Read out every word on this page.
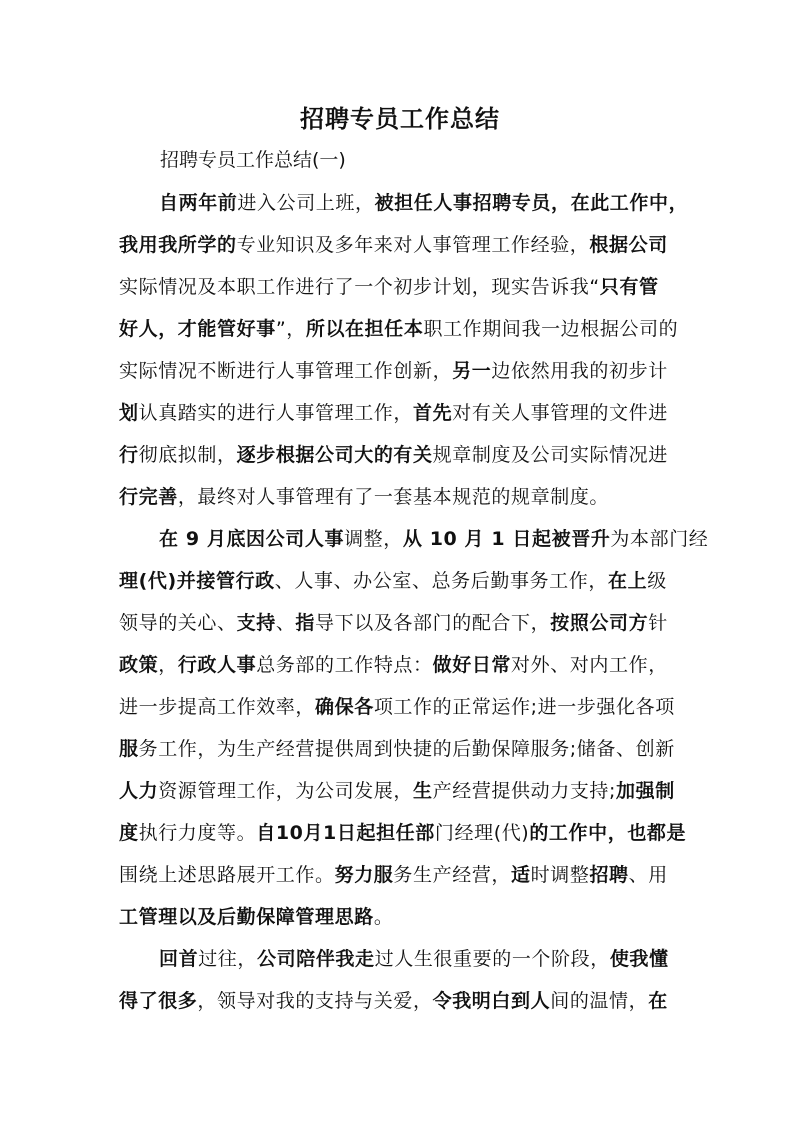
招聘专员工作总结
招聘专员工作总结(一)
自两年前进入公司上班，被担任人事招聘专员，在此工作中，
我用我所学的专业知识及多年来对人事管理工作经验，根据公司
实际情况及本职工作进行了一个初步计划，现实告诉我“只有管
好人，才能管好事”，所以在担任本职工作期间我一边根据公司的
实际情况不断进行人事管理工作创新，另一边依然用我的初步计
划认真踏实的进行人事管理工作，首先对有关人事管理的文件进
行彻底拟制，逐步根据公司大的有关规章制度及公司实际情况进
行完善，最终对人事管理有了一套基本规范的规章制度。
在 9 月底因公司人事调整，从 10 月 1 日起被晋升为本部门经
理(代)并接管行政、人事、办公室、总务后勤事务工作，在上级
领导的关心、支持、指导下以及各部门的配合下，按照公司方针
政策，行政人事总务部的工作特点：做好日常对外、对内工作，
进一步提高工作效率，确保各项工作的正常运作;进一步强化各项
服务工作，为生产经营提供周到快捷的后勤保障服务;储备、创新
人力资源管理工作，为公司发展，生产经营提供动力支持;加强制
度执行力度等。自10月1日起担任部门经理(代)的工作中，也都是
围绕上述思路展开工作。努力服务生产经营，适时调整招聘、用
工管理以及后勤保障管理思路。
回首过往，公司陪伴我走过人生很重要的一个阶段，使我懂
得了很多，领导对我的支持与关爱，令我明白到人间的温情，在
